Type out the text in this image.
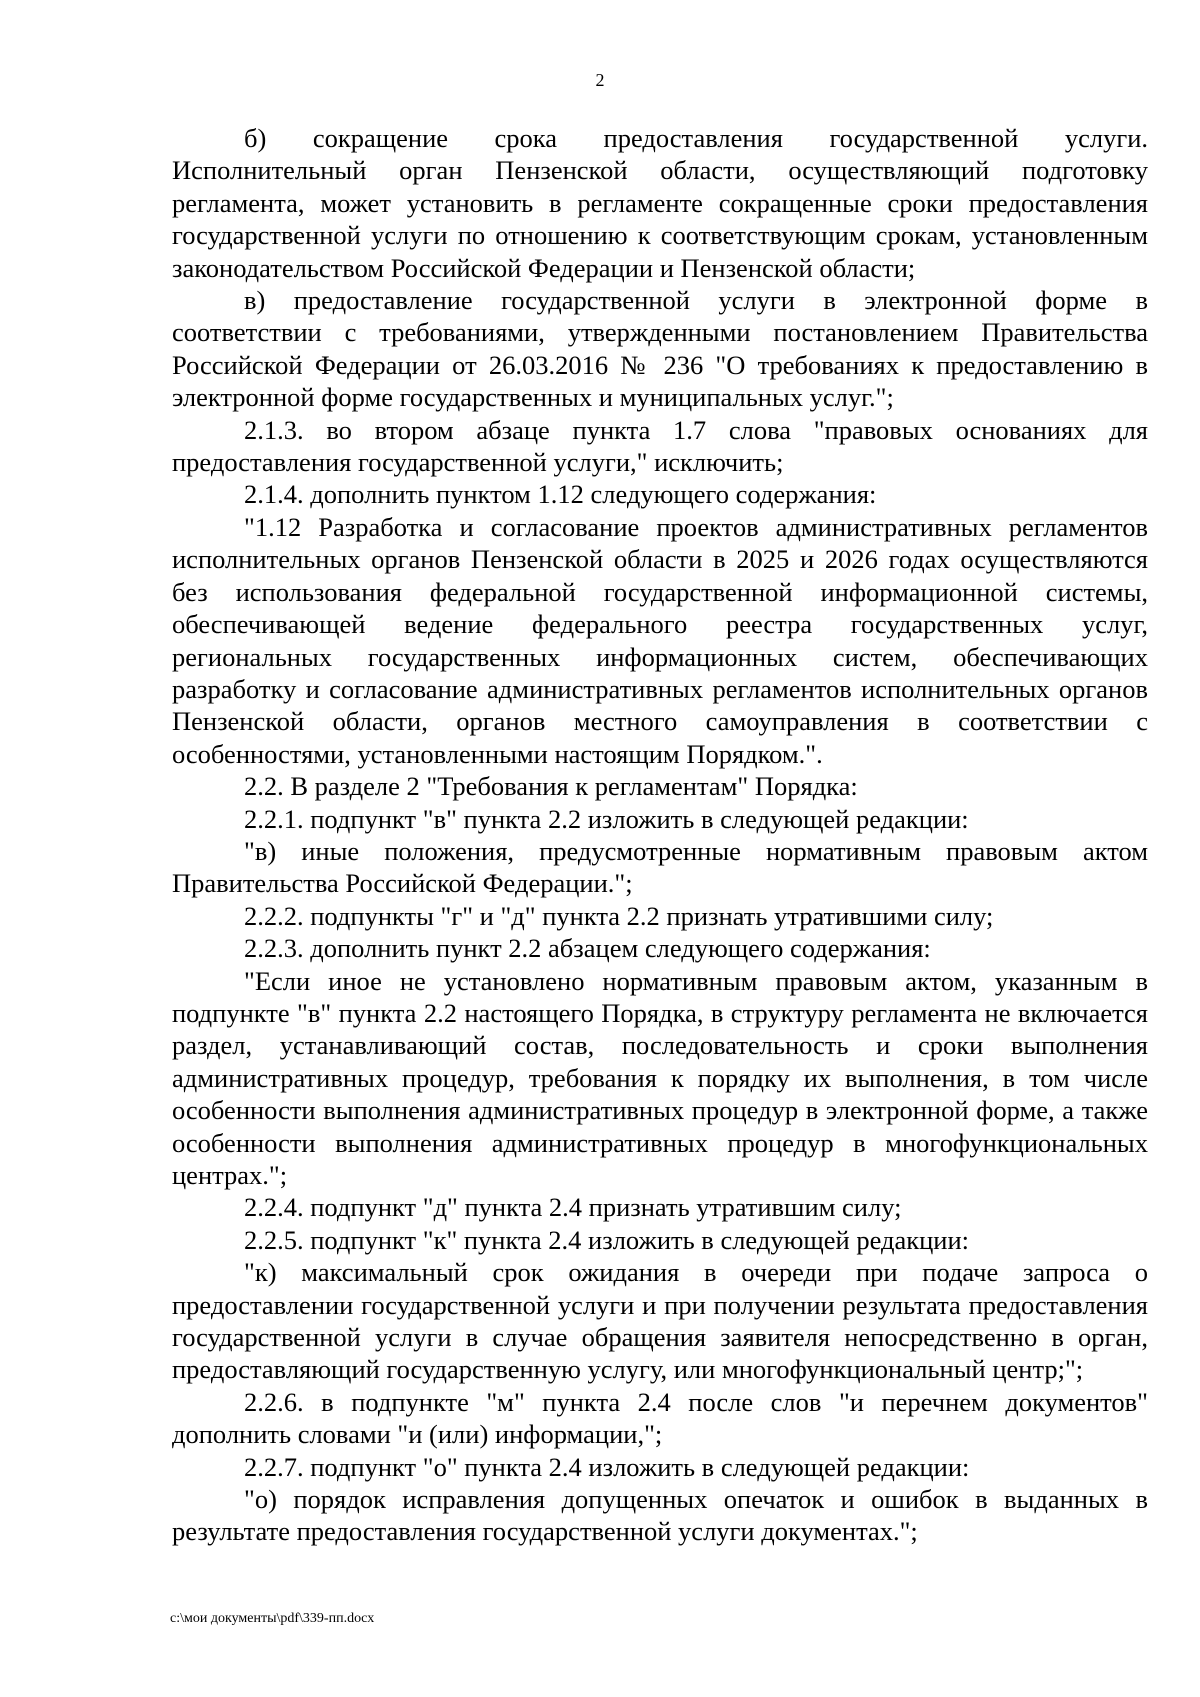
2

б) сокращение срока предоставления государственной услуги. Исполнительный орган Пензенской области, осуществляющий подготовку регламента, может установить в регламенте сокращенные сроки предоставления государственной услуги по отношению к соответствующим срокам, установленным законодательством Российской Федерации и Пензенской области;

в) предоставление государственной услуги в электронной форме в соответствии с требованиями, утвержденными постановлением Правительства Российской Федерации от 26.03.2016 № 236 "О требованиях к предоставлению в электронной форме государственных и муниципальных услуг.";

2.1.3. во втором абзаце пункта 1.7 слова "правовых основаниях для предоставления государственной услуги," исключить;

2.1.4. дополнить пунктом 1.12 следующего содержания:

"1.12 Разработка и согласование проектов административных регламентов исполнительных органов Пензенской области в 2025 и 2026 годах осуществляются без использования федеральной государственной информационной системы, обеспечивающей ведение федерального реестра государственных услуг, региональных государственных информационных систем, обеспечивающих разработку и согласование административных регламентов исполнительных органов Пензенской области, органов местного самоуправления в соответствии с особенностями, установленными настоящим Порядком.".

2.2. В разделе 2 "Требования к регламентам" Порядка:

2.2.1. подпункт "в" пункта 2.2 изложить в следующей редакции:

"в) иные положения, предусмотренные нормативным правовым актом Правительства Российской Федерации.";

2.2.2. подпункты "г" и "д" пункта 2.2 признать утратившими силу;

2.2.3. дополнить пункт 2.2 абзацем следующего содержания:

"Если иное не установлено нормативным правовым актом, указанным в подпункте "в" пункта 2.2 настоящего Порядка, в структуру регламента не включается раздел, устанавливающий состав, последовательность и сроки выполнения административных процедур, требования к порядку их выполнения, в том числе особенности выполнения административных процедур в электронной форме, а также особенности выполнения административных процедур в многофункциональных центрах.";

2.2.4. подпункт "д" пункта 2.4 признать утратившим силу;

2.2.5. подпункт "к" пункта 2.4 изложить в следующей редакции:

"к) максимальный срок ожидания в очереди при подаче запроса о предоставлении государственной услуги и при получении результата предоставления государственной услуги в случае обращения заявителя непосредственно в орган, предоставляющий государственную услугу, или многофункциональный центр;";

2.2.6. в подпункте "м" пункта 2.4 после слов "и перечнем документов" дополнить словами "и (или) информации,";

2.2.7. подпункт "о" пункта 2.4 изложить в следующей редакции:

"о) порядок исправления допущенных опечаток и ошибок в выданных в результате предоставления государственной услуги документах.";

c:\мои документы\pdf\339-пп.docx
